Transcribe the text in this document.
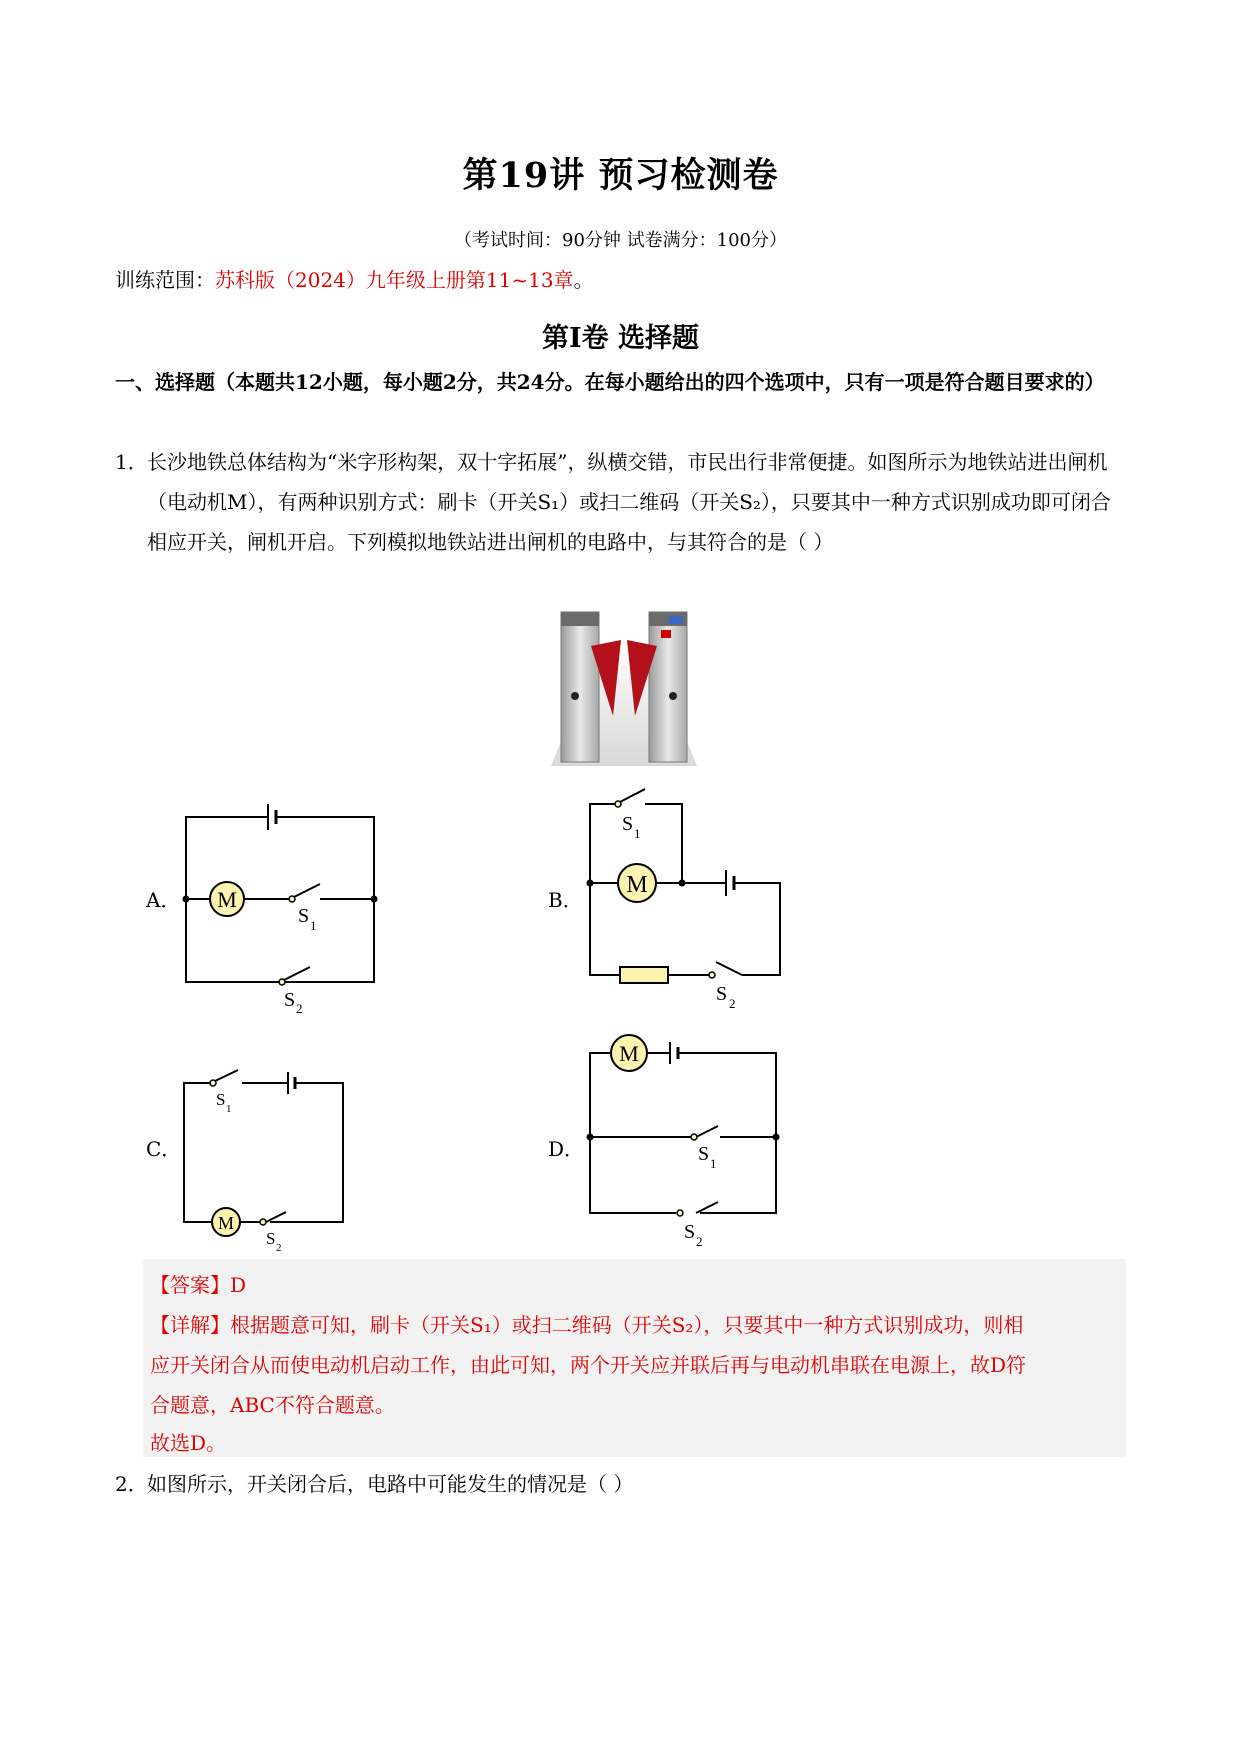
第19讲 预习检测卷
（考试时间：90分钟 试卷满分：100分）
训练范围：苏科版（2024）九年级上册第11~13章。
第Ⅰ卷 选择题
一、选择题（本题共12小题，每小题2分，共24分。在每小题给出的四个选项中，只有一项是符合题目要求的）
1． 长沙地铁总体结构为“米字形构架，双十字拓展”，纵横交错，市民出行非常便捷。如图所示为地铁站进出闸机（电动机M），有两种识别方式：刷卡（开关S₁）或扫二维码（开关S₂），只要其中一种方式识别成功即可闭合相应开关，闸机开启。下列模拟地铁站进出闸机的电路中，与其符合的是（ ）
A． M
S 1
S 2
B．
S 1
M
S 2
C．
S 1
M
S 2
D．
M
S 1
S 2
【答案】D
【详解】根据题意可知，刷卡（开关S₁）或扫二维码（开关S₂），只要其中一种方式识别成功，则相
应开关闭合从而使电动机启动工作，由此可知，两个开关应并联后再与电动机串联在电源上，故D符
合题意，ABC不符合题意。
故选D。
2． 如图所示，开关闭合后，电路中可能发生的情况是（ ）
